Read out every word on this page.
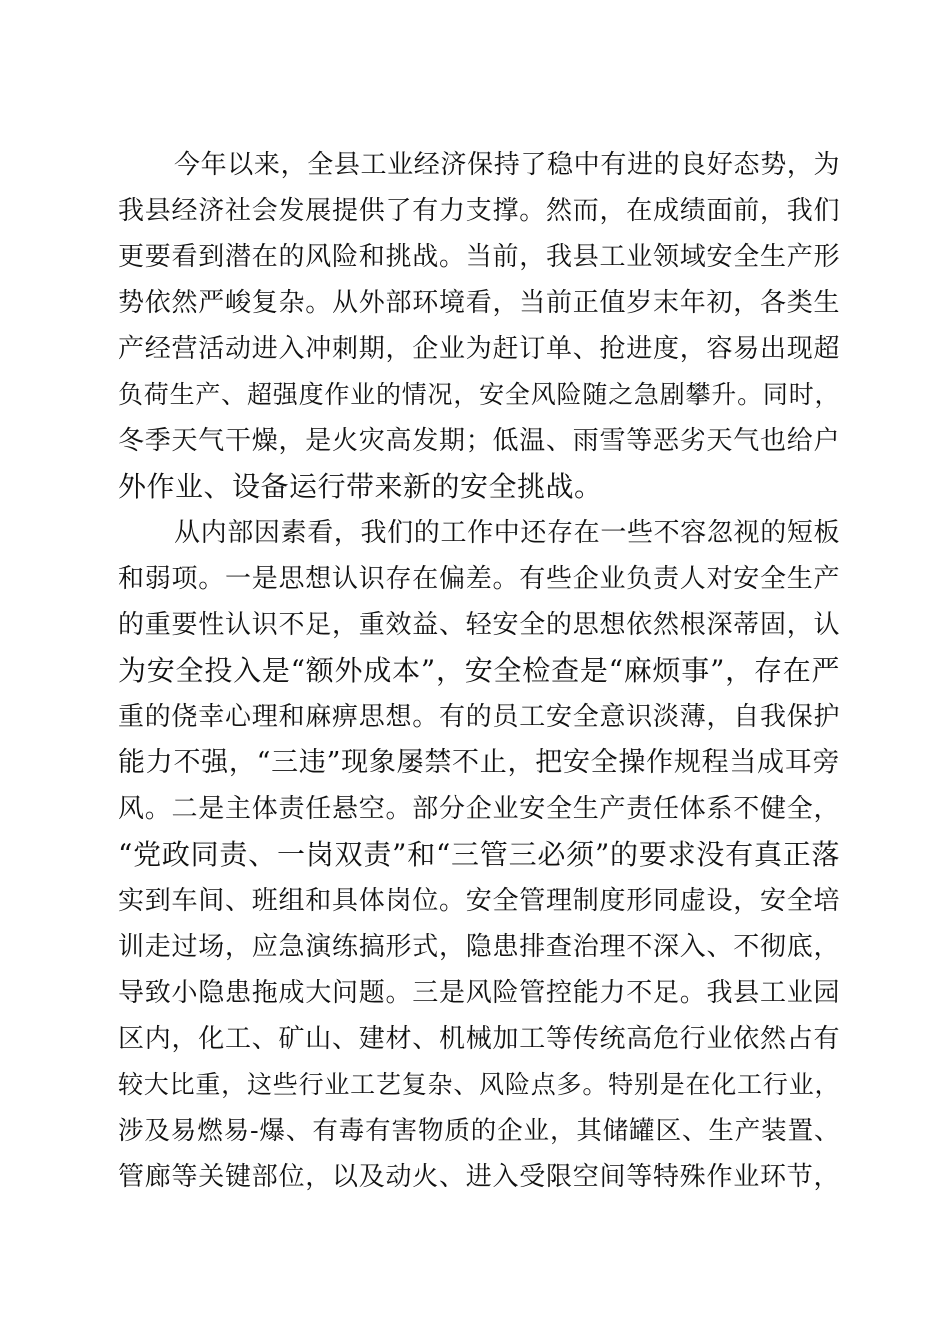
今年以来，全县工业经济保持了稳中有进的良好态势，为
我县经济社会发展提供了有力支撑。然而，在成绩面前，我们
更要看到潜在的风险和挑战。当前，我县工业领域安全生产形
势依然严峻复杂。从外部环境看，当前正值岁末年初，各类生
产经营活动进入冲刺期，企业为赶订单、抢进度，容易出现超
负荷生产、超强度作业的情况，安全风险随之急剧攀升。同时，
冬季天气干燥，是火灾高发期；低温、雨雪等恶劣天气也给户
外作业、设备运行带来新的安全挑战。
从内部因素看，我们的工作中还存在一些不容忽视的短板
和弱项。一是思想认识存在偏差。有些企业负责人对安全生产
的重要性认识不足，重效益、轻安全的思想依然根深蒂固，认
为安全投入是“额外成本”，安全检查是“麻烦事”，存在严
重的侥幸心理和麻痹思想。有的员工安全意识淡薄，自我保护
能力不强，“三违”现象屡禁不止，把安全操作规程当成耳旁
风。二是主体责任悬空。部分企业安全生产责任体系不健全，
“党政同责、一岗双责”和“三管三必须”的要求没有真正落
实到车间、班组和具体岗位。安全管理制度形同虚设，安全培
训走过场，应急演练搞形式，隐患排查治理不深入、不彻底，
导致小隐患拖成大问题。三是风险管控能力不足。我县工业园
区内，化工、矿山、建材、机械加工等传统高危行业依然占有
较大比重，这些行业工艺复杂、风险点多。特别是在化工行业，
涉及易燃易-爆、有毒有害物质的企业，其储罐区、生产装置、
管廊等关键部位，以及动火、进入受限空间等特殊作业环节，
